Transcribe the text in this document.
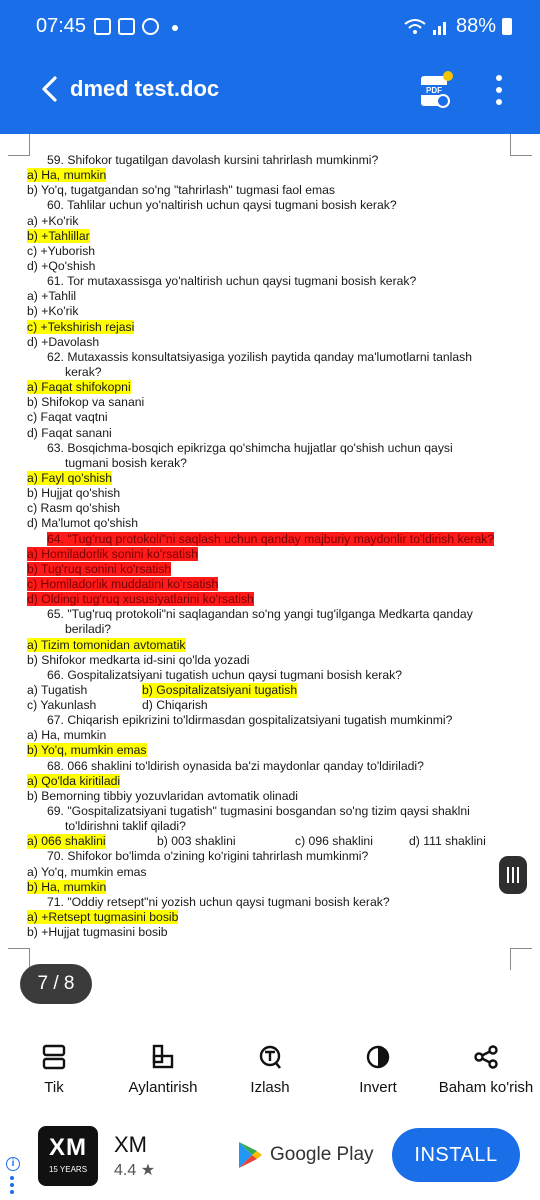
07:45	88%
dmed test.doc	PDF
59. Shifokor tugatilgan davolash kursini tahrirlash mumkinmi?
a) Ha, mumkin
b) Yo'q, tugatgandan so'ng "tahrirlash" tugmasi faol emas
60. Tahlilar uchun yo'naltirish uchun qaysi tugmani bosish kerak?
a) +Ko'rik
b) +Tahlillar
c) +Yuborish
d) +Qo'shish
61. Tor mutaxassisga yo'naltirish uchun qaysi tugmani bosish kerak?
a) +Tahlil
b) +Ko'rik
c) +Tekshirish rejasi
d) +Davolash
62. Mutaxassis konsultatsiyasiga yozilish paytida qanday ma'lumotlarni tanlash
kerak?
a) Faqat shifokopni
b) Shifokop va sanani
c) Faqat vaqtni
d) Faqat sanani
63. Bosqichma-bosqich epikrizga qo'shimcha hujjatlar qo'shish uchun qaysi
tugmani bosish kerak?
a) Fayl qo'shish
b) Hujjat qo'shish
c) Rasm qo'shish
d) Ma'lumot qo'shish
64. "Tug'ruq protokoli"ni saqlash uchun qanday majburiy maydonlir to'ldirish kerak?
a) Homiladorlik sonini ko'rsatish
b) Tug'ruq sonini ko'rsatish
c) Homiladorlik muddatini ko'rsatish
d) Oldingi tug'ruq xususiyatlarini ko'rsatish
65. "Tug'ruq protokoli"ni saqlagandan so'ng yangi tug'ilganga Medkarta qanday
beriladi?
a) Tizim tomonidan avtomatik
b) Shifokor medkarta id-sini qo'lda yozadi
66. Gospitalizatsiyani tugatish uchun qaysi tugmani bosish kerak?
a) Tugatish	b) Gospitalizatsiyani tugatish
c) Yakunlash	d) Chiqarish
67. Chiqarish epikrizini to'ldirmasdan gospitalizatsiyani tugatish mumkinmi?
a) Ha, mumkin
b) Yo'q, mumkin emas
68. 066 shaklini to'ldirish oynasida ba'zi maydonlar qanday to'ldiriladi?
a) Qo'lda kiritiladi
b) Bemorning tibbiy yozuvlaridan avtomatik olinadi
69. "Gospitalizatsiyani tugatish" tugmasini bosgandan so'ng tizim qaysi shaklni
to'ldirishni taklif qiladi?
a) 066 shaklini	b) 003 shaklini	c) 096 shaklini	d) 111 shaklini
70. Shifokor bo'limda o'zining ko'rigini tahrirlash mumkinmi?
a) Yo'q, mumkin emas
b) Ha, mumkin
71. "Oddiy retsept"ni yozish uchun qaysi tugmani bosish kerak?
a) +Retsept tugmasini bosib
b) +Hujjat tugmasini bosib
7 / 8
Tik	Aylantirish	Izlash	Invert	Baham ko'rish
i
XM
15 YEARS
XM
4.4 ★
Google Play	INSTALL
